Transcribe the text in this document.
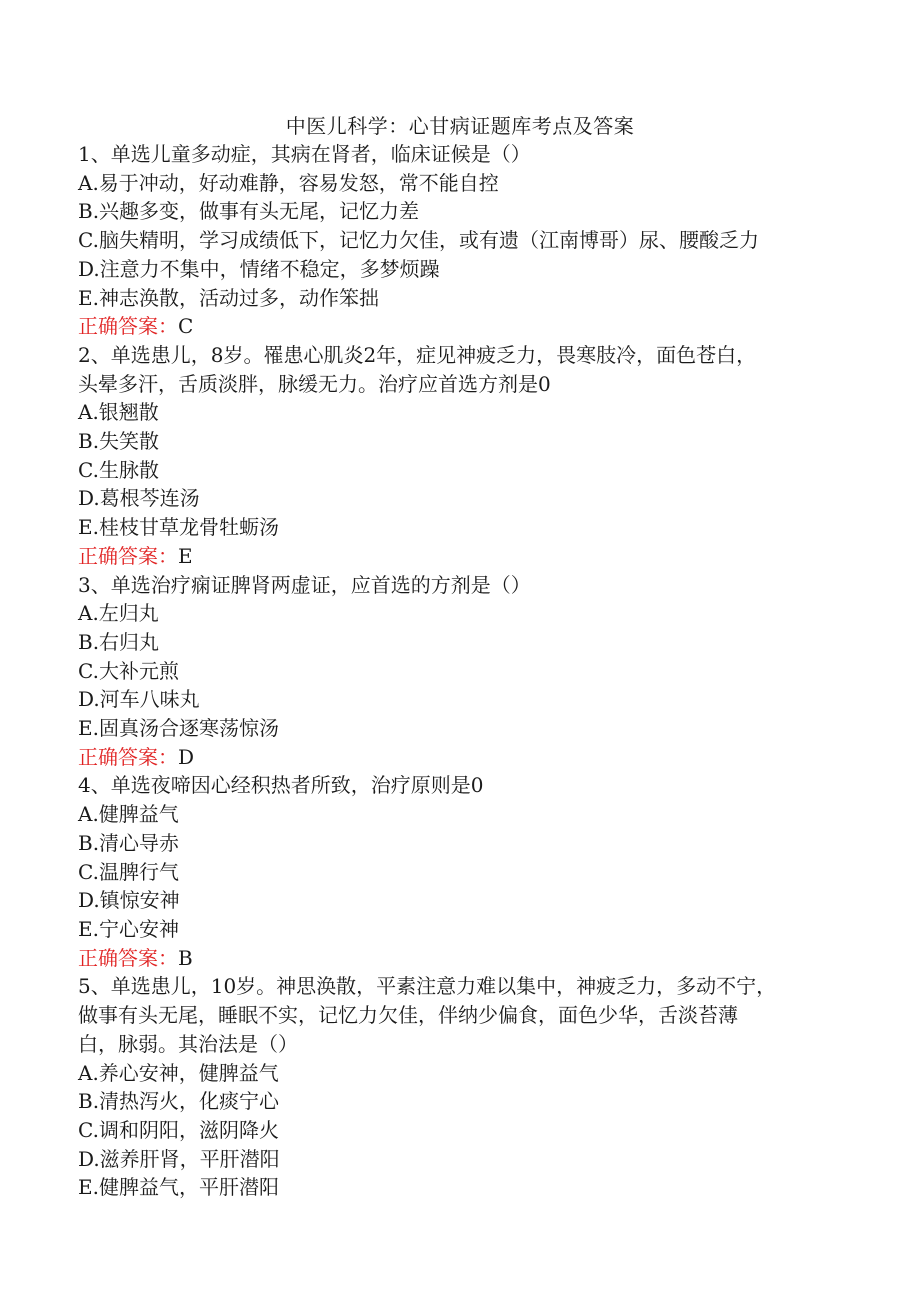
中医儿科学：心甘病证题库考点及答案
1、单选儿童多动症，其病在肾者，临床证候是（）
A.易于冲动，好动难静，容易发怒，常不能自控
B.兴趣多变，做事有头无尾，记忆力差
C.脑失精明，学习成绩低下，记忆力欠佳，或有遗（江南博哥）尿、腰酸乏力
D.注意力不集中，情绪不稳定，多梦烦躁
E.神志涣散，活动过多，动作笨拙
正确答案：C
2、单选患儿，8岁。罹患心肌炎2年，症见神疲乏力，畏寒肢冷，面色苍白，
头晕多汗，舌质淡胖，脉缓无力。治疗应首选方剂是0
A.银翘散
B.失笑散
C.生脉散
D.葛根芩连汤
E.桂枝甘草龙骨牡蛎汤
正确答案：E
3、单选治疗痫证脾肾两虚证，应首选的方剂是（）
A.左归丸
B.右归丸
C.大补元煎
D.河车八味丸
E.固真汤合逐寒荡惊汤
正确答案：D
4、单选夜啼因心经积热者所致，治疗原则是0
A.健脾益气
B.清心导赤
C.温脾行气
D.镇惊安神
E.宁心安神
正确答案：B
5、单选患儿，10岁。神思涣散，平素注意力难以集中，神疲乏力，多动不宁，
做事有头无尾，睡眠不实，记忆力欠佳，伴纳少偏食，面色少华，舌淡苔薄
白，脉弱。其治法是（）
A.养心安神，健脾益气
B.清热泻火，化痰宁心
C.调和阴阳，滋阴降火
D.滋养肝肾，平肝潜阳
E.健脾益气，平肝潜阳
